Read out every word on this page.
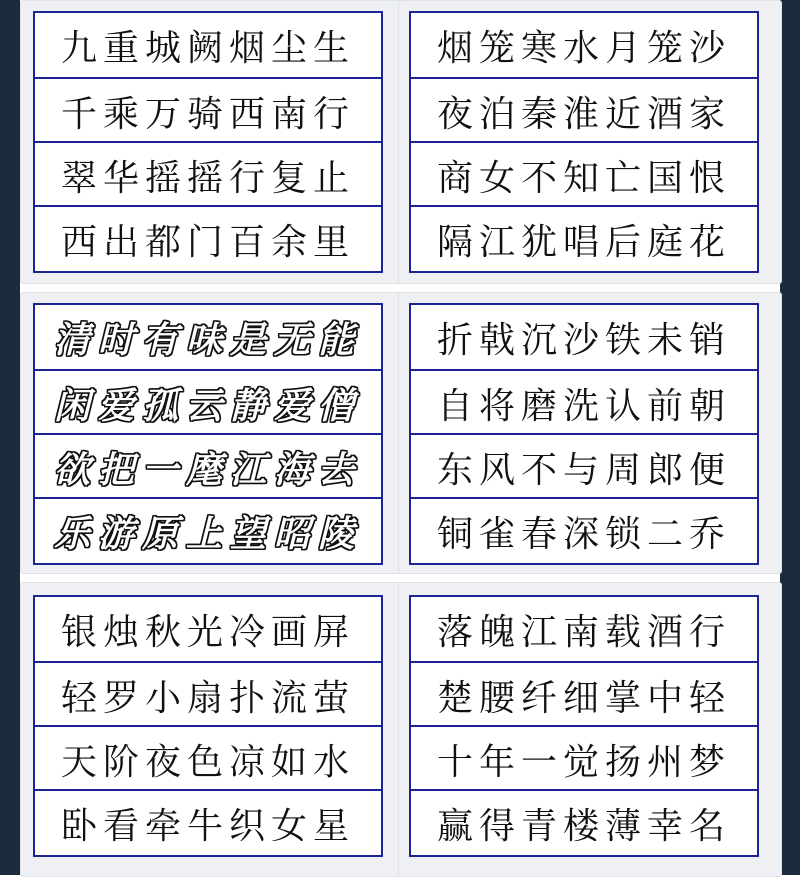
九重城阙烟尘生
千乘万骑西南行
翠华摇摇行复止
西出都门百余里
烟笼寒水月笼沙
夜泊秦淮近酒家
商女不知亡国恨
隔江犹唱后庭花
清时有味是无能
闲爱孤云静爱僧
欲把一麾江海去
乐游原上望昭陵
折戟沉沙铁未销
自将磨洗认前朝
东风不与周郎便
铜雀春深锁二乔
银烛秋光冷画屏
轻罗小扇扑流萤
天阶夜色凉如水
卧看牵牛织女星
落魄江南载酒行
楚腰纤细掌中轻
十年一觉扬州梦
赢得青楼薄幸名
